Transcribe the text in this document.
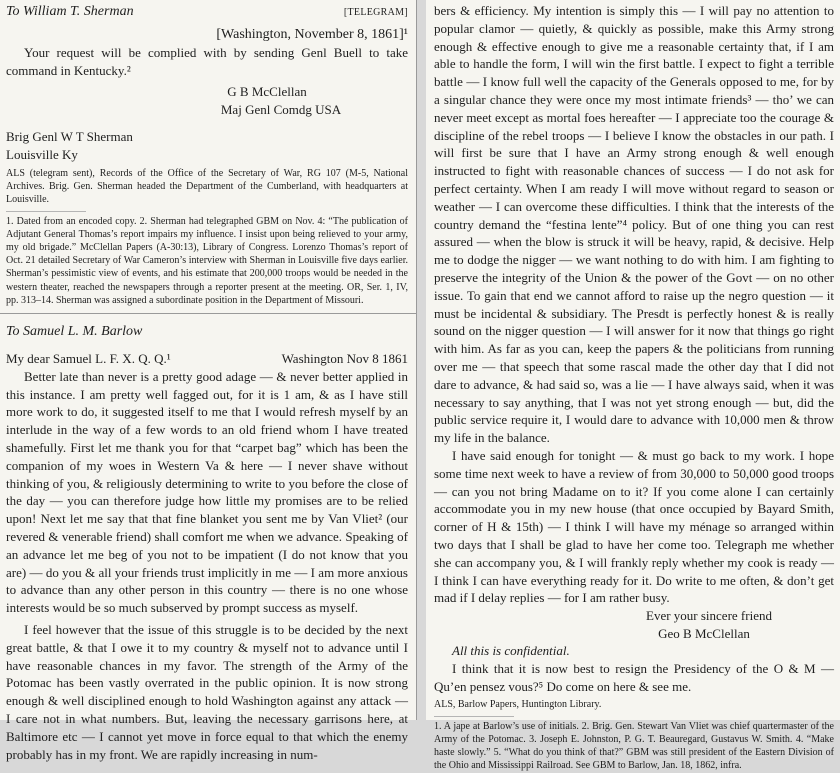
To William T. Sherman	[TELEGRAM]

[Washington, November 8, 1861]¹

Your request will be complied with by sending Genl Buell to take command in Kentucky.²

G B McClellan

Maj Genl Comdg USA

Brig Genl W T Sherman

Louisville Ky

ALS (telegram sent), Records of the Office of the Secretary of War, RG 107 (M-5, National Archives. Brig. Gen. Sherman headed the Department of the Cumberland, with headquarters at Louisville.

1. Dated from an encoded copy. 2. Sherman had telegraphed GBM on Nov. 4: “The publication of Adjutant General Thomas’s report impairs my influence. I insist upon being relieved to your army, my old brigade.” McClellan Papers (A-30:13), Library of Congress. Lorenzo Thomas’s report of Oct. 21 detailed Secretary of War Cameron’s interview with Sherman in Louisville five days earlier. Sherman’s pessimistic view of events, and his estimate that 200,000 troops would be needed in the western theater, reached the newspapers through a reporter present at the meeting. OR, Ser. 1, IV, pp. 313–14. Sherman was assigned a subordinate position in the Department of Missouri.

To Samuel L. M. Barlow

My dear Samuel L. F. X. Q. Q.¹	Washington Nov 8 1861

Better late than never is a pretty good adage — & never better applied in this instance. I am pretty well fagged out, for it is 1 am, & as I have still more work to do, it suggested itself to me that I would refresh myself by an interlude in the way of a few words to an old friend whom I have treated shamefully. First let me thank you for that “carpet bag” which has been the companion of my woes in Western Va & here — I never shave without thinking of you, & religiously determining to write to you before the close of the day — you can therefore judge how little my promises are to be relied upon! Next let me say that that fine blanket you sent me by Van Vliet² (our revered & venerable friend) shall comfort me when we advance. Speaking of an advance let me beg of you not to be impatient (I do not know that you are) — do you & all your friends trust implicitly in me — I am more anxious to advance than any other person in this country — there is no one whose interests would be so much subserved by prompt success as myself.

I feel however that the issue of this struggle is to be decided by the next great battle, & that I owe it to my country & myself not to advance until I have reasonable chances in my favor. The strength of the Army of the Potomac has been vastly overrated in the public opinion. It is now strong enough & well disciplined enough to hold Washington against any attack — I care not in what numbers. But, leaving the necessary garrisons here, at Baltimore etc — I cannot yet move in force equal to that which the enemy probably has in my front. We are rapidly increasing in num-

bers & efficiency. My intention is simply this — I will pay no attention to popular clamor — quietly, & quickly as possible, make this Army strong enough & effective enough to give me a reasonable certainty that, if I am able to handle the form, I will win the first battle. I expect to fight a terrible battle — I know full well the capacity of the Generals opposed to me, for by a singular chance they were once my most intimate friends³ — tho’ we can never meet except as mortal foes hereafter — I appreciate too the courage & discipline of the rebel troops — I believe I know the obstacles in our path. I will first be sure that I have an Army strong enough & well enough instructed to fight with reasonable chances of success — I do not ask for perfect certainty. When I am ready I will move without regard to season or weather — I can overcome these difficulties. I think that the interests of the country demand the “festina lente”⁴ policy. But of one thing you can rest assured — when the blow is struck it will be heavy, rapid, & decisive. Help me to dodge the nigger — we want nothing to do with him. I am fighting to preserve the integrity of the Union & the power of the Govt — on no other issue. To gain that end we cannot afford to raise up the negro question — it must be incidental & subsidiary. The Presdt is perfectly honest & is really sound on the nigger question — I will answer for it now that things go right with him. As far as you can, keep the papers & the politicians from running over me — that speech that some rascal made the other day that I did not dare to advance, & had said so, was a lie — I have always said, when it was necessary to say anything, that I was not yet strong enough — but, did the public service require it, I would dare to advance with 10,000 men & throw my life in the balance.

I have said enough for tonight — & must go back to my work. I hope some time next week to have a review of from 30,000 to 50,000 good troops — can you not bring Madame on to it? If you come alone I can certainly accommodate you in my new house (that once occupied by Bayard Smith, corner of H & 15th) — I think I will have my ménage so arranged within two days that I shall be glad to have her come too. Telegraph me whether she can accompany you, & I will frankly reply whether my cook is ready — I think I can have everything ready for it. Do write to me often, & don’t get mad if I delay replies — for I am rather busy.

Ever your sincere friend

Geo B McClellan

All this is confidential.

I think that it is now best to resign the Presidency of the O & M — Qu’en pensez vous?⁵ Do come on here & see me.

ALS, Barlow Papers, Huntington Library.

1. A jape at Barlow’s use of initials. 2. Brig. Gen. Stewart Van Vliet was chief quartermaster of the Army of the Potomac. 3. Joseph E. Johnston, P. G. T. Beauregard, Gustavus W. Smith. 4. “Make haste slowly.” 5. “What do you think of that?” GBM was still president of the Eastern Division of the Ohio and Mississippi Railroad. See GBM to Barlow, Jan. 18, 1862, infra.
